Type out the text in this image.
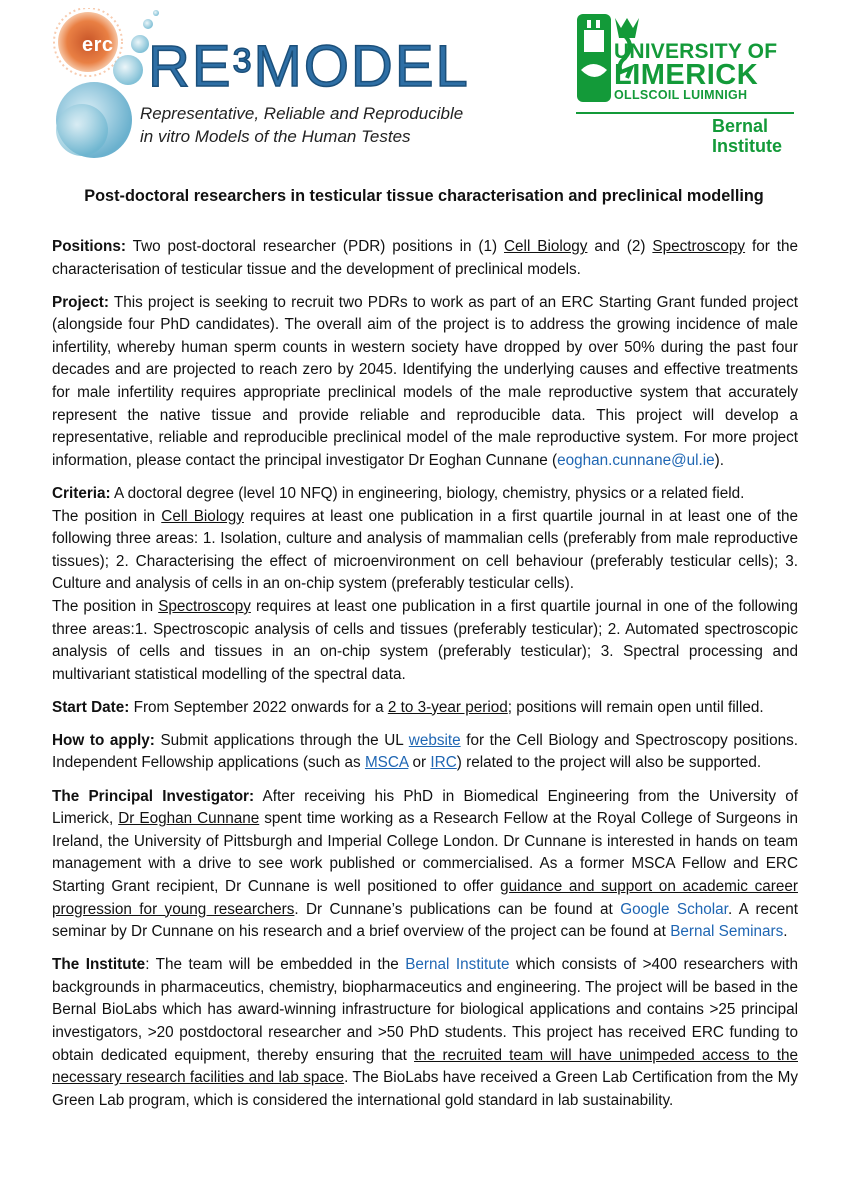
erc $RE^3MODEL$
Representative, Reliable and Reproducible
in vitro Models of the Human Testes
UNIVERSITY OF
LIMERICK
OLLSCOIL LUIMNIGH
Bernal
Institute
Post-doctoral researchers in testicular tissue characterisation and preclinical modelling

Positions: Two post-doctoral researcher (PDR) positions in (1) Cell Biology and (2) Spectroscopy for the characterisation of testicular tissue and the development of preclinical models.

Project: This project is seeking to recruit two PDRs to work as part of an ERC Starting Grant funded project (alongside four PhD candidates). The overall aim of the project is to address the growing incidence of male infertility, whereby human sperm counts in western society have dropped by over 50% during the past four decades and are projected to reach zero by 2045. Identifying the underlying causes and effective treatments for male infertility requires appropriate preclinical models of the male reproductive system that accurately represent the native tissue and provide reliable and reproducible data. This project will develop a representative, reliable and reproducible preclinical model of the male reproductive system. For more project information, please contact the principal investigator Dr Eoghan Cunnane (eoghan.cunnane@ul.ie).

Criteria: A doctoral degree (level 10 NFQ) in engineering, biology, chemistry, physics or a related field.
The position in Cell Biology requires at least one publication in a first quartile journal in at least one of the following three areas: 1. Isolation, culture and analysis of mammalian cells (preferably from male reproductive tissues); 2. Characterising the effect of microenvironment on cell behaviour (preferably testicular cells); 3. Culture and analysis of cells in an on-chip system (preferably testicular cells).
The position in Spectroscopy requires at least one publication in a first quartile journal in one of the following three areas:1. Spectroscopic analysis of cells and tissues (preferably testicular); 2. Automated spectroscopic analysis of cells and tissues in an on-chip system (preferably testicular); 3. Spectral processing and multivariant statistical modelling of the spectral data.

Start Date: From September 2022 onwards for a 2 to 3-year period; positions will remain open until filled.

How to apply: Submit applications through the UL website for the Cell Biology and Spectroscopy positions. Independent Fellowship applications (such as MSCA or IRC) related to the project will also be supported.

The Principal Investigator: After receiving his PhD in Biomedical Engineering from the University of Limerick, Dr Eoghan Cunnane spent time working as a Research Fellow at the Royal College of Surgeons in Ireland, the University of Pittsburgh and Imperial College London. Dr Cunnane is interested in hands on team management with a drive to see work published or commercialised. As a former MSCA Fellow and ERC Starting Grant recipient, Dr Cunnane is well positioned to offer guidance and support on academic career progression for young researchers. Dr Cunnane’s publications can be found at Google Scholar. A recent seminar by Dr Cunnane on his research and a brief overview of the project can be found at Bernal Seminars.

The Institute: The team will be embedded in the Bernal Institute which consists of >400 researchers with backgrounds in pharmaceutics, chemistry, biopharmaceutics and engineering. The project will be based in the Bernal BioLabs which has award-winning infrastructure for biological applications and contains >25 principal investigators, >20 postdoctoral researcher and >50 PhD students. This project has received ERC funding to obtain dedicated equipment, thereby ensuring that the recruited team will have unimpeded access to the necessary research facilities and lab space. The BioLabs have received a Green Lab Certification from the My Green Lab program, which is considered the international gold standard in lab sustainability.
